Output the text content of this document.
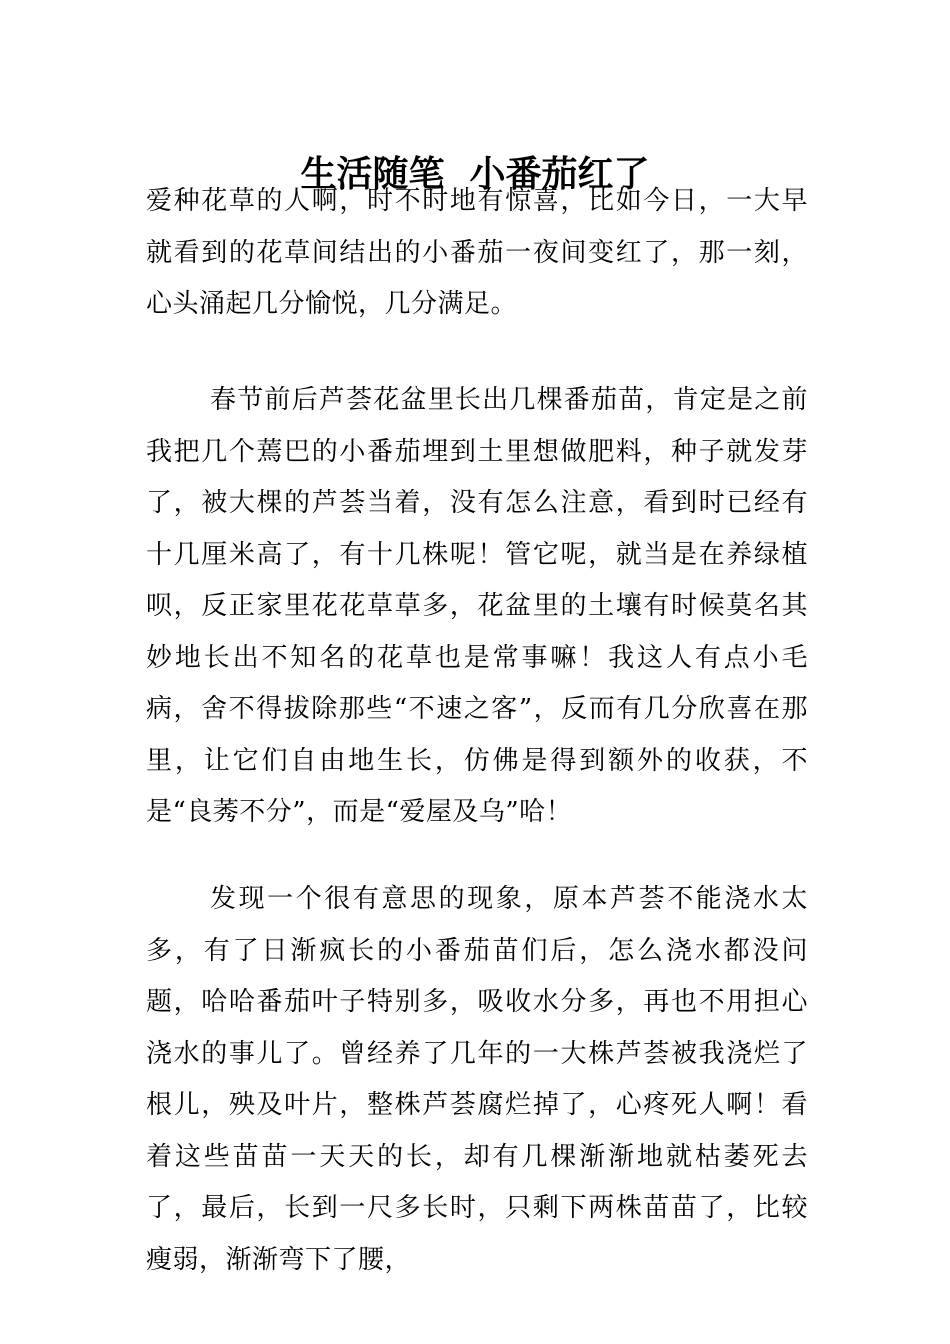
生活随笔  小番茄红了

爱种花草的人啊，时不时地有惊喜，比如今日，一大早就看到的花草间结出的小番茄一夜间变红了，那一刻，心头涌起几分愉悦，几分满足。

春节前后芦荟花盆里长出几棵番茄苗，肯定是之前我把几个蔫巴的小番茄埋到土里想做肥料，种子就发芽了，被大棵的芦荟当着，没有怎么注意，看到时已经有十几厘米高了，有十几株呢！管它呢，就当是在养绿植呗，反正家里花花草草多，花盆里的土壤有时候莫名其妙地长出不知名的花草也是常事嘛！我这人有点小毛病，舍不得拔除那些“不速之客”，反而有几分欣喜在那里，让它们自由地生长，仿佛是得到额外的收获，不是“良莠不分”，而是“爱屋及乌”哈！

发现一个很有意思的现象，原本芦荟不能浇水太多，有了日渐疯长的小番茄苗们后，怎么浇水都没问题，哈哈番茄叶子特别多，吸收水分多，再也不用担心浇水的事儿了。曾经养了几年的一大株芦荟被我浇烂了根儿，殃及叶片，整株芦荟腐烂掉了，心疼死人啊！看着这些苗苗一天天的长，却有几棵渐渐地就枯萎死去了，最后，长到一尺多长时，只剩下两株苗苗了，比较瘦弱，渐渐弯下了腰，
